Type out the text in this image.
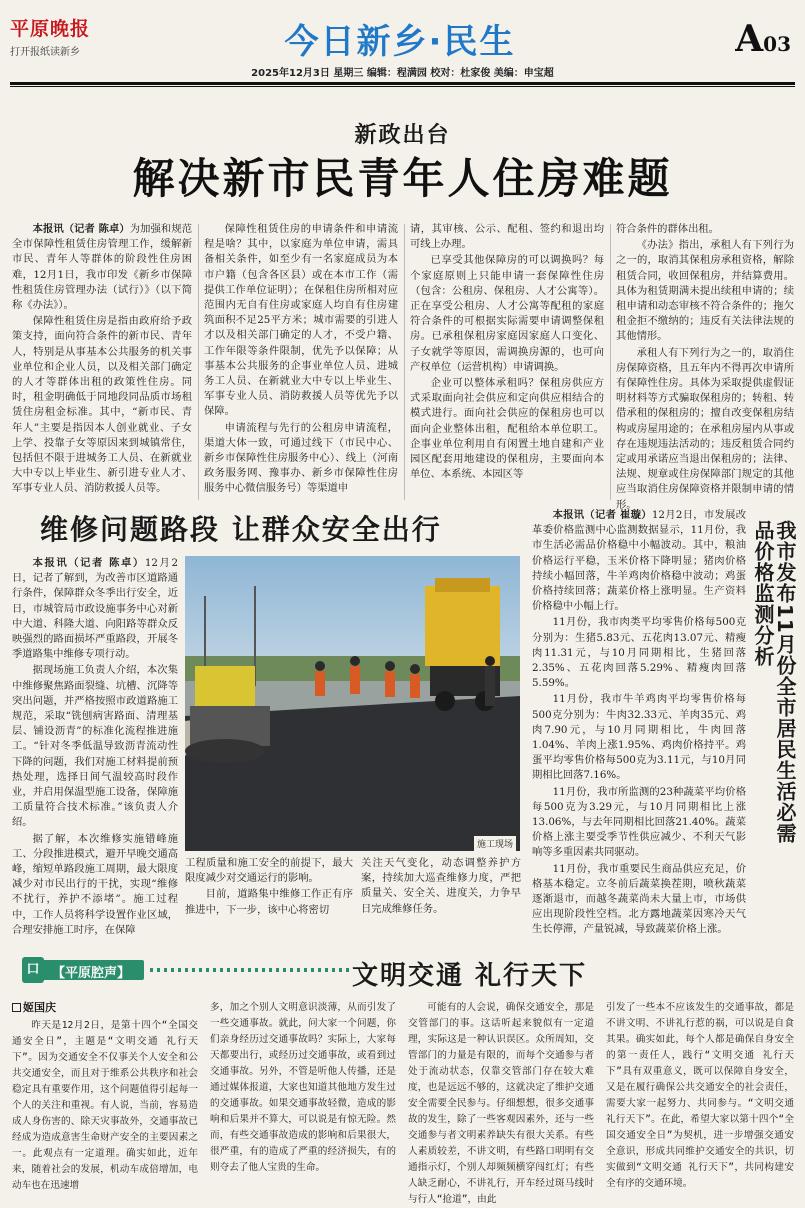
平原晚报
打开报纸读新乡	今日新乡·民生	A03
2025年12月3日 星期三 编辑：程满园 校对：杜家俊 美编：申宝超
新政出台
解决新市民青年人住房难题

本报讯（记者 陈卓）为加强和规范全市保障性租赁住房管理工作，缓解新市民、青年人等群体的阶段性住房困难，12月1日，我市印发《新乡市保障性租赁住房管理办法（试行）》（以下简称《办法》）。

保障性租赁住房是指由政府给予政策支持，面向符合条件的新市民、青年人，特别是从事基本公共服务的机关事业单位和企业人员，以及相关部门确定的人才等群体出租的政策性住房。同时，租金明确低于同地段同品质市场租赁住房租金标准。其中，“新市民、青年人”主要是指因本人创业就业、子女上学、投靠子女等原因来到城镇常住，包括但不限于进城务工人员、在新就业大中专以上毕业生、新引进专业人才、军事专业人员、消防救援人员等。

保障性租赁住房的申请条件和申请流程是啥？其中，以家庭为单位申请，需具备相关条件，如至少有一名家庭成员为本市户籍（包含各区县）或在本市工作（需提供工作单位证明）；在保租住房所相对应范围内无自有住房或家庭人均自有住房建筑面积不足25平方米；城市需要的引进人才以及相关部门确定的人才，不受户籍、工作年限等条件限制，优先予以保障；从事基本公共服务的企事业单位人员、进城务工人员、在新就业大中专以上毕业生、军事专业人员、消防救援人员等优先予以保障。

申请流程与先行的公租房申请流程，渠道大体一致，可通过线下（市民中心、新乡市保障性住房服务中心）、线上（河南政务服务网、豫事办、新乡市保障性住房服务中心微信服务号）等渠道申

请，其审核、公示、配租、签约和退出均可线上办理。

已享受其他保障房的可以调换吗？每个家庭原则上只能申请一套保障性住房（包含：公租房、保租房、人才公寓等）。正在享受公租房、人才公寓等配租的家庭符合条件的可根据实际需要申请调整保租房。已承租保租房家庭因家庭人口变化、子女就学等原因，需调换房源的，也可向产权单位（运营机构）申请调换。

企业可以整体承租吗？保租房供应方式采取面向社会供应和定向供应相结合的模式进行。面向社会供应的保租房也可以面向企业整体出租，配租给本单位职工。企事业单位利用自有闲置土地自建和产业园区配套用地建设的保租房，主要面向本单位、本系统、本园区等

符合条件的群体出租。

《办法》指出，承租人有下列行为之一的，取消其保租房承租资格，解除租赁合同，收回保租房，并结算费用。具体为租赁期满未提出续租申请的；续租申请和动态审核不符合条件的；拖欠租金拒不缴纳的；违反有关法律法规的其他情形。

承租人有下列行为之一的，取消住房保障资格，且五年内不得再次申请所有保障性住房。具体为采取提供虚假证明材料等方式骗取保租房的；转租、转借承租的保租房的；擅自改变保租房结构或房屋用途的；在承租房屋内从事或存在违规违法活动的；违反租赁合同约定或用承诺应当退出保租房的；法律、法规、规章或住房保障部门规定的其他应当取消住房保障资格并限制申请的情形。

维修问题路段 让群众安全出行

本报讯（记者 陈卓）12月2日，记者了解到，为改善市区道路通行条件，保障群众冬季出行安全，近日，市城管局市政设施事务中心对新中大道、科隆大道、向阳路等群众反映强烈的路面损坏严重路段，开展冬季道路集中维修专项行动。

据现场施工负责人介绍，本次集中维修聚焦路面裂缝、坑槽、沉降等突出问题，并严格按照市政道路施工规范，采取“铣刨病害路面、清理基层、铺设沥青”的标准化流程推进施工。“针对冬季低温导致沥青流动性下降的问题，我们对施工材料提前预热处理，选择日间气温较高时段作业，并启用保温型施工设备，保障施工质量符合技术标准。”该负责人介绍。

据了解，本次维修实施错峰施工、分段推进模式，避开早晚交通高峰，缩短单路段施工周期，最大限度减少对市民出行的干扰，实现“维修不扰行，养护不添堵”。施工过程中，工作人员将科学设置作业区域，合理安排施工时序，在保障

施工现场

工程质量和施工安全的前提下，最大限度减少对交通运行的影响。

目前，道路集中维修工作正有序推进中，下一步，该中心将密切

关注天气变化，动态调整养护方案，持续加大巡查维修力度，严把质量关、安全关、进度关，力争早日完成维修任务。

本报讯（记者 崔璇）12月2日，市发展改革委价格监测中心监测数据显示，11月份，我市生活必需品价格稳中小幅波动。其中，粮油价格运行平稳，玉米价格下降明显；猪肉价格持续小幅回落，牛羊鸡肉价格稳中波动；鸡蛋价格持续回落；蔬菜价格上涨明显。生产资料价格稳中小幅上行。

11月份，我市肉类平均零售价格每500克分别为：生猪5.83元、五花肉13.07元、精瘦肉11.31元，与10月同期相比，生猪回落2.35%、五花肉回落5.29%、精瘦肉回落5.59%。

11月份，我市牛羊鸡肉平均零售价格每500克分别为：牛肉32.33元、羊肉35元、鸡肉7.90元，与10月同期相比，牛肉回落1.04%、羊肉上涨1.95%、鸡肉价格持平。鸡蛋平均零售价格每500克为3.11元，与10月同期相比回落7.16%。

11月份，我市所监测的23种蔬菜平均价格每500克为3.29元，与10月同期相比上涨13.06%，与去年同期相比回落21.40%。蔬菜价格上涨主要受季节性供应减少、不利天气影响等多重因素共同驱动。

11月份，我市重要民生商品供应充足，价格基本稳定。立冬前后蔬菜换茬期，喷秋蔬菜逐渐退市，而越冬蔬菜尚未大量上市，市场供应出现阶段性空档。北方露地蔬菜因寒冷天气生长停滞，产量锐减，导致蔬菜价格上涨。

我市发布11月份全市居民生活必需品价格监测分析
口 【平原腔声】	文明交通 礼行天下
姬国庆

昨天是12月2日，是第十四个“全国交通安全日”，主题是“文明交通 礼行天下”。因为交通安全不仅事关个人安全和公共交通安全，而且对于维系公共秩序和社会稳定具有重要作用，这个问题值得引起每一个人的关注和重视。有人说，当前，容易造成人身伤害的、除天灾事故外，交通事故已经成为造成意害生命财产安全的主要因素之一。此观点有一定道理。确实如此，近年来，随着社会的发展，机动车成倍增加，电动车也在迅速增

多，加之个别人文明意识淡薄，从而引发了一些交通事故。就此，问大家一个问题，你们亲身经历过交通事故吗？实际上，大家每天都要出行，或经历过交通事故，或看到过交通事故。另外，不管是听他人传播，还是通过媒体报道，大家也知道其他地方发生过的交通事故。如果交通事故轻微，造成的影响和后果并不算大，可以说是有惊无险。然而，有些交通事故造成的影响和后果很大，很严重，有的造成了严重的经济损失，有的则夺去了他人宝贵的生命。

可能有的人会说，确保交通安全，那是交管部门的事。这话听起来貌似有一定道理，实际这是一种认识误区。众所周知，交管部门的力量是有限的，而每个交通参与者处于流动状态，仅靠交管部门存在较大难度，也是远远不够的，这就决定了维护交通安全需要全民参与。仔细想想，很多交通事故的发生，除了一些客观因素外，还与一些交通参与者文明素养缺失有很大关系。有些人素质较差，不讲文明，有些路口明明有交通指示灯，个别人却频频横穿闯红灯；有些人缺乏耐心，不讲礼行，开车经过斑马线时与行人“抢道”，由此

引发了一些本不应该发生的交通事故，都是不讲文明、不讲礼行惹的祸，可以说是自食其果。确实如此，每个人都是确保自身安全的第一责任人，践行“文明交通 礼行天下”具有双重意义，既可以保障自身安全，又是在履行确保公共交通安全的社会责任，需要大家一起努力、共同参与。“文明交通 礼行天下”。在此，希望大家以第十四个“全国交通安全日”为契机，进一步增强交通安全意识，形成共同维护交通安全的共识，切实做到“文明交通 礼行天下”，共同构建安全有序的交通环境。
